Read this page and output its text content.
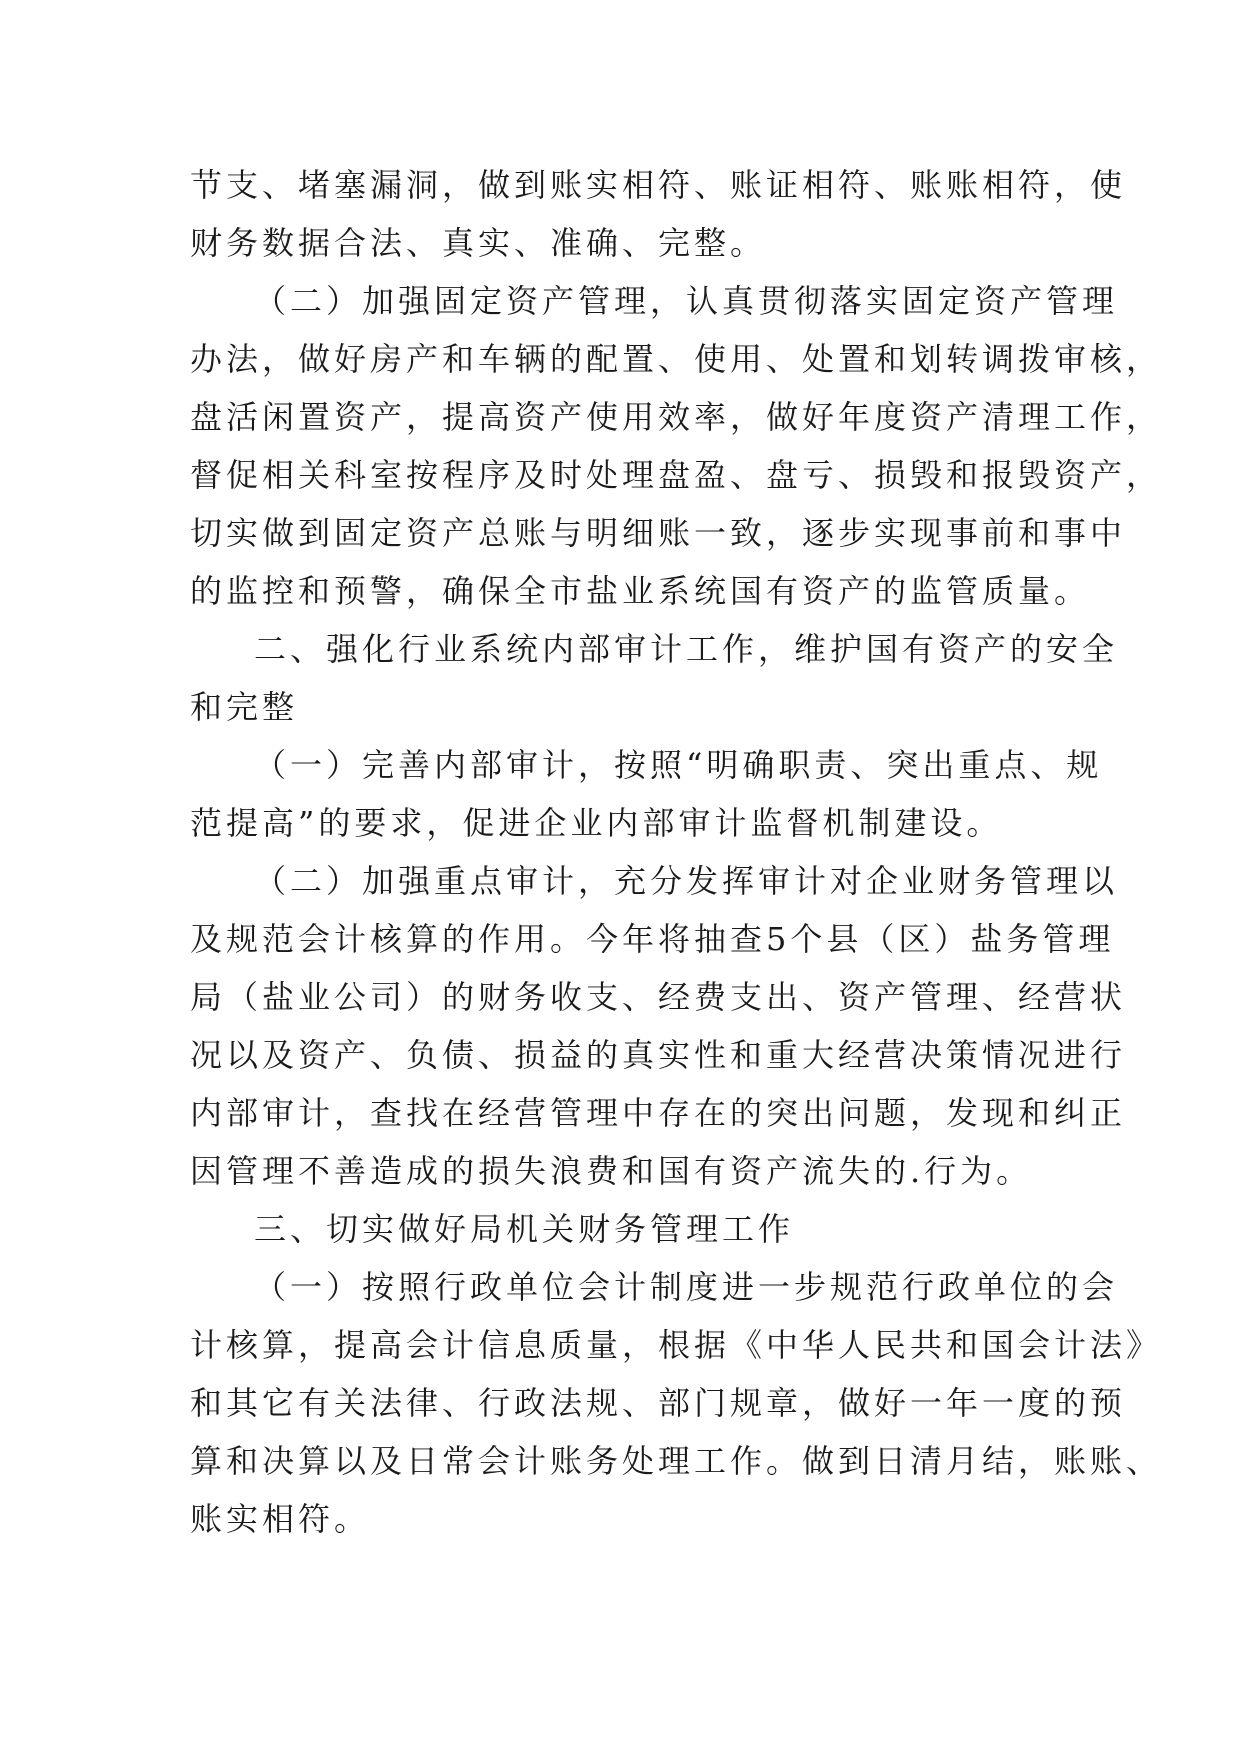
节支、堵塞漏洞，做到账实相符、账证相符、账账相符，使
财务数据合法、真实、准确、完整。
（二）加强固定资产管理，认真贯彻落实固定资产管理
办法，做好房产和车辆的配置、使用、处置和划转调拨审核，
盘活闲置资产，提高资产使用效率，做好年度资产清理工作，
督促相关科室按程序及时处理盘盈、盘亏、损毁和报毁资产，
切实做到固定资产总账与明细账一致，逐步实现事前和事中
的监控和预警，确保全市盐业系统国有资产的监管质量。
二、强化行业系统内部审计工作，维护国有资产的安全
和完整
（一）完善内部审计，按照“明确职责、突出重点、规
范提高”的要求，促进企业内部审计监督机制建设。
（二）加强重点审计，充分发挥审计对企业财务管理以
及规范会计核算的作用。今年将抽查5个县（区）盐务管理
局（盐业公司）的财务收支、经费支出、资产管理、经营状
况以及资产、负债、损益的真实性和重大经营决策情况进行
内部审计，查找在经营管理中存在的突出问题，发现和纠正
因管理不善造成的损失浪费和国有资产流失的.行为。
三、切实做好局机关财务管理工作
（一）按照行政单位会计制度进一步规范行政单位的会
计核算，提高会计信息质量，根据《中华人民共和国会计法》
和其它有关法律、行政法规、部门规章，做好一年一度的预
算和决算以及日常会计账务处理工作。做到日清月结，账账、
账实相符。
